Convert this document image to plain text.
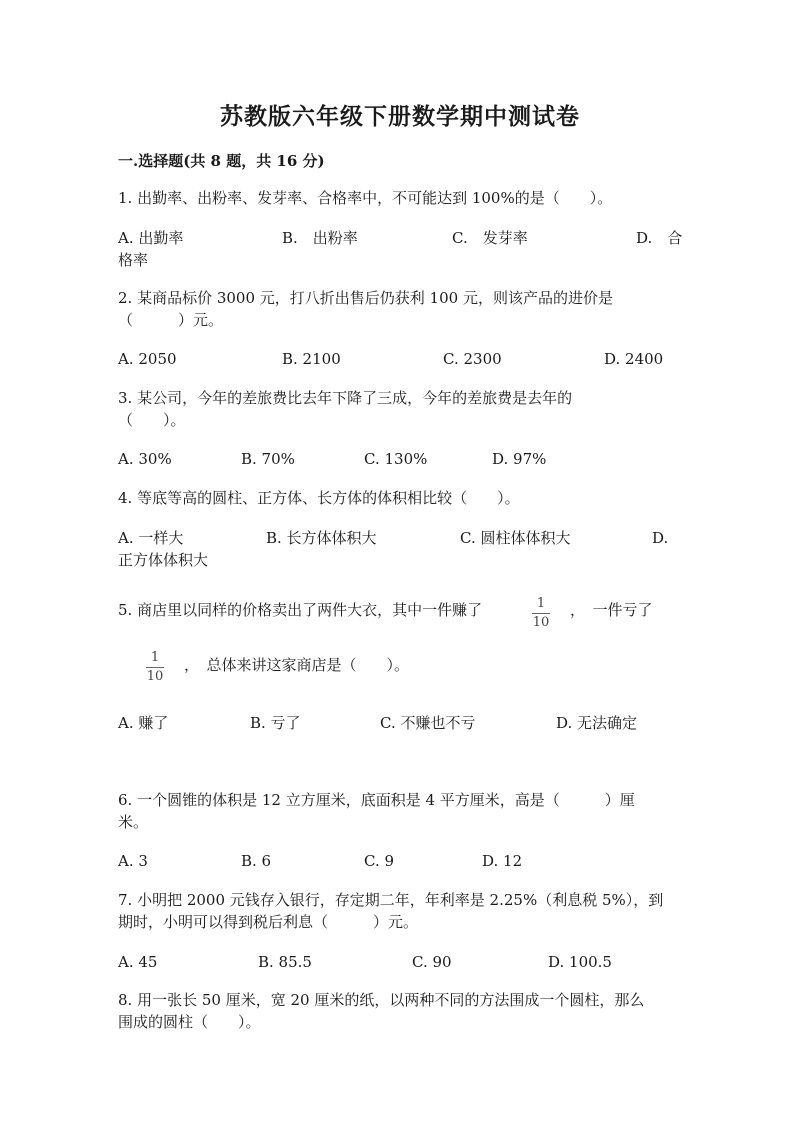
苏教版六年级下册数学期中测试卷
一.选择题(共 8 题，共 16 分)
1. 出勤率、出粉率、发芽率、合格率中，不可能达到 100%的是（　　）。
A. 出勤率	B.　出粉率	C.　发芽率	D.　合
格率
2. 某商品标价 3000 元，打八折出售后仍获利 100 元，则该产品的进价是
（　　　）元。
A. 2050	B. 2100	C. 2300	D. 2400
3. 某公司，今年的差旅费比去年下降了三成，今年的差旅费是去年的
（　　）。
A. 30%	B. 70%	C. 130%	D. 97%
4. 等底等高的圆柱、正方体、长方体的体积相比较（　　）。
A. 一样大	B. 长方体体积大	C. 圆柱体体积大	D.
正方体体积大
5. 商店里以同样的价格卖出了两件大衣，其中一件赚了	1
10
，　一件亏了
1
10
，　总体来讲这家商店是（　　）。
A. 赚了	B. 亏了	C. 不赚也不亏	D. 无法确定
6. 一个圆锥的体积是 12 立方厘米，底面积是 4 平方厘米，高是（　　　）厘
米。
A. 3	B. 6	C. 9	D. 12
7. 小明把 2000 元钱存入银行，存定期二年，年利率是 2.25%（利息税 5%），到
期时，小明可以得到税后利息（　　　）元。
A. 45	B. 85.5	C. 90	D. 100.5
8. 用一张长 50 厘米，宽 20 厘米的纸，以两种不同的方法围成一个圆柱，那么
围成的圆柱（　　）。
